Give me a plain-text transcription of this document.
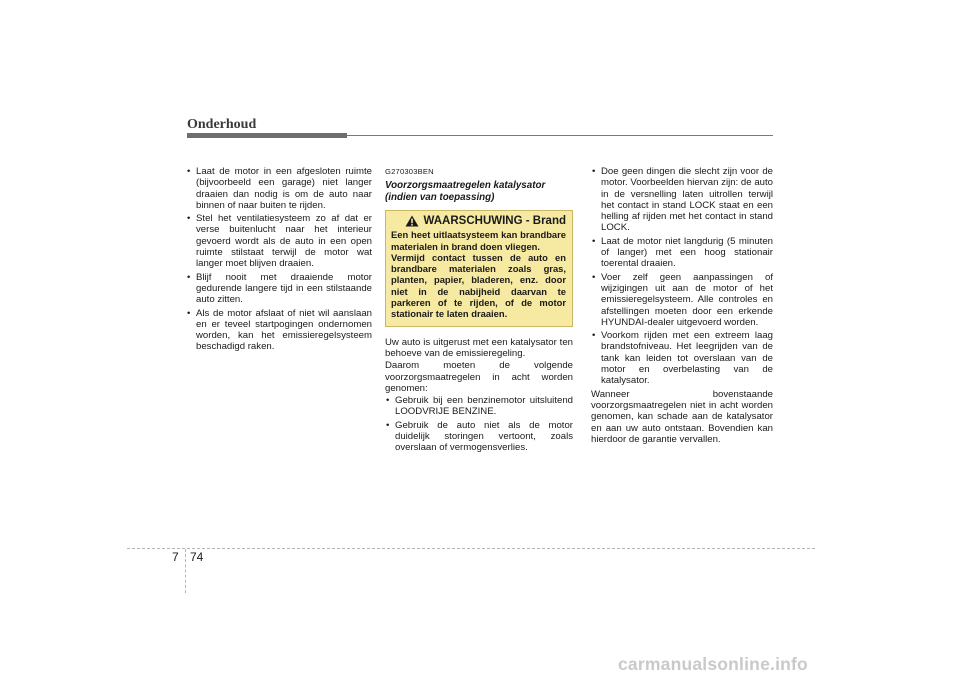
Onderhoud
• Laat de motor in een afgesloten ruimte (bijvoorbeeld een garage) niet langer draaien dan nodig is om de auto naar binnen of naar buiten te rijden.
• Stel het ventilatiesysteem zo af dat er verse buitenlucht naar het interieur gevoerd wordt als de auto in een open ruimte stilstaat terwijl de motor wat langer moet blijven draaien.
• Blijf nooit met draaiende motor gedurende langere tijd in een stilstaande auto zitten.
• Als de motor afslaat of niet wil aanslaan en er teveel startpogingen ondernomen worden, kan het emissieregelsysteem beschadigd raken.
G270303BEN
Voorzorgsmaatregelen katalysator (indien van toepassing)
WAARSCHUWING - Brand
Een heet uitlaatsysteem kan brandbare materialen in brand doen vliegen.
Vermijd contact tussen de auto en brandbare materialen zoals gras, planten, papier, bladeren, enz. door niet in de nabijheid daarvan te parkeren of te rijden, of de motor stationair te laten draaien.

Uw auto is uitgerust met een katalysator ten behoeve van de emissieregeling.

Daarom moeten de volgende voorzorgsmaatregelen in acht worden genomen:

• Gebruik bij een benzinemotor uitsluitend LOODVRIJE BENZINE.
• Gebruik de auto niet als de motor duidelijk storingen vertoont, zoals overslaan of vermogensverlies.
• Doe geen dingen die slecht zijn voor de motor. Voorbeelden hiervan zijn: de auto in de versnelling laten uitrollen terwijl het contact in stand LOCK staat en een helling af rijden met het contact in stand LOCK.
• Laat de motor niet langdurig (5 minuten of langer) met een hoog stationair toerental draaien.
• Voer zelf geen aanpassingen of wijzigingen uit aan de motor of het emissieregelsysteem. Alle controles en afstellingen moeten door een erkende HYUNDAI-dealer uitgevoerd worden.
• Voorkom rijden met een extreem laag brandstofniveau. Het leegrijden van de tank kan leiden tot overslaan van de motor en overbelasting van de katalysator.

Wanneer bovenstaande voorzorgsmaatregelen niet in acht worden genomen, kan schade aan de katalysator en aan uw auto ontstaan. Bovendien kan hierdoor de garantie vervallen.

7 74
carmanualsonline.info
